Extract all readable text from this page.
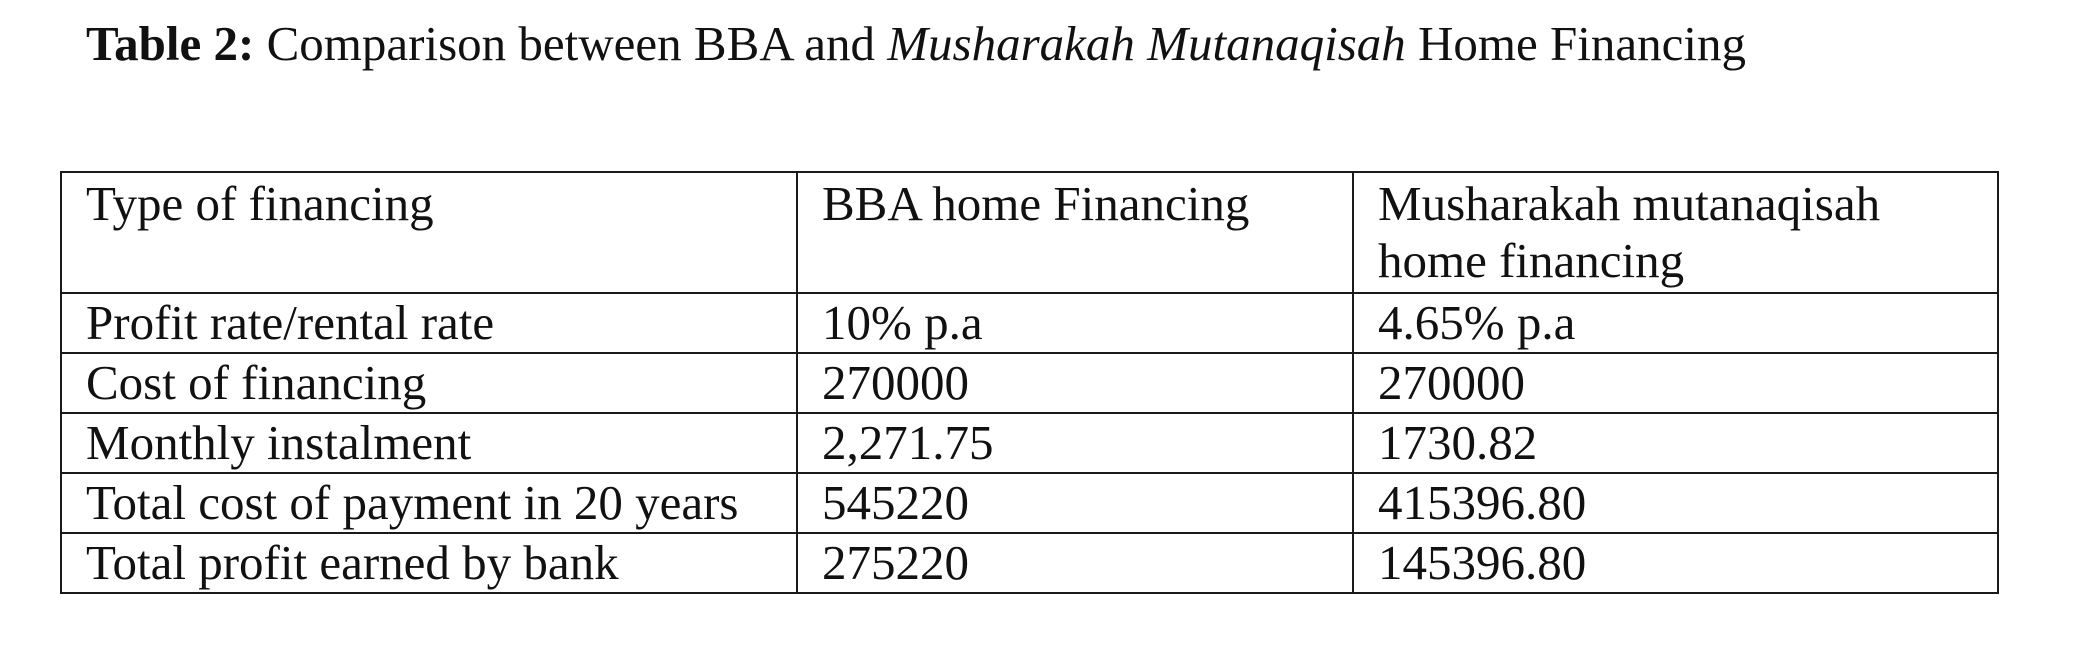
Table 2: Comparison between BBA and Musharakah Mutanaqisah Home Financing
Type of financing	BBA home Financing	Musharakah mutanaqisah home financing
Profit rate/rental rate	10% p.a	4.65% p.a
Cost of financing	270000	270000
Monthly instalment	2,271.75	1730.82
Total cost of payment in 20 years	545220	415396.80
Total profit earned by bank	275220	145396.80
